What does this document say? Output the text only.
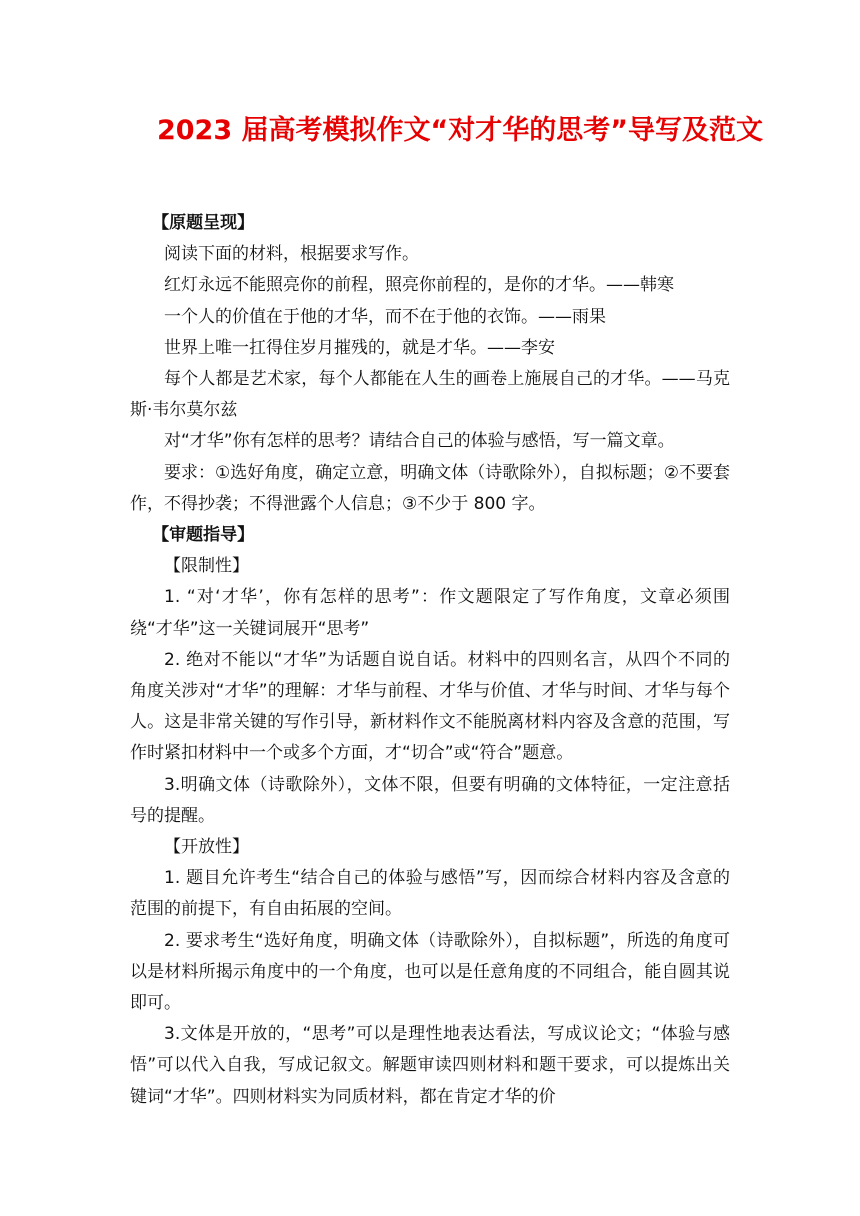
2023 届高考模拟作文“对才华的思考”导写及范文

【原题呈现】

阅读下面的材料，根据要求写作。

红灯永远不能照亮你的前程，照亮你前程的，是你的才华。——韩寒

一个人的价值在于他的才华，而不在于他的衣饰。——雨果

世界上唯一扛得住岁月摧残的，就是才华。——李安

每个人都是艺术家，每个人都能在人生的画卷上施展自己的才华。——马克斯·韦尔莫尔兹

对“才华”你有怎样的思考？请结合自己的体验与感悟，写一篇文章。

要求：①选好角度，确定立意，明确文体（诗歌除外），自拟标题；②不要套作，不得抄袭；不得泄露个人信息；③不少于 800 字。

【审题指导】

【限制性】

1. “对‘才华’，你有怎样的思考”：作文题限定了写作角度，文章必须围绕“才华”这一关键词展开“思考”

2. 绝对不能以“才华”为话题自说自话。材料中的四则名言，从四个不同的角度关涉对“才华”的理解：才华与前程、才华与价值、才华与时间、才华与每个人。这是非常关键的写作引导，新材料作文不能脱离材料内容及含意的范围，写作时紧扣材料中一个或多个方面，才“切合”或“符合”题意。

3.明确文体（诗歌除外），文体不限，但要有明确的文体特征，一定注意括号的提醒。

【开放性】

1. 题目允许考生“结合自己的体验与感悟”写，因而综合材料内容及含意的范围的前提下，有自由拓展的空间。

2. 要求考生“选好角度，明确文体（诗歌除外），自拟标题”，所选的角度可以是材料所揭示角度中的一个角度，也可以是任意角度的不同组合，能自圆其说即可。

3.文体是开放的，“思考”可以是理性地表达看法，写成议论文；“体验与感悟”可以代入自我，写成记叙文。解题审读四则材料和题干要求，可以提炼出关键词“才华”。四则材料实为同质材料，都在肯定才华的价
